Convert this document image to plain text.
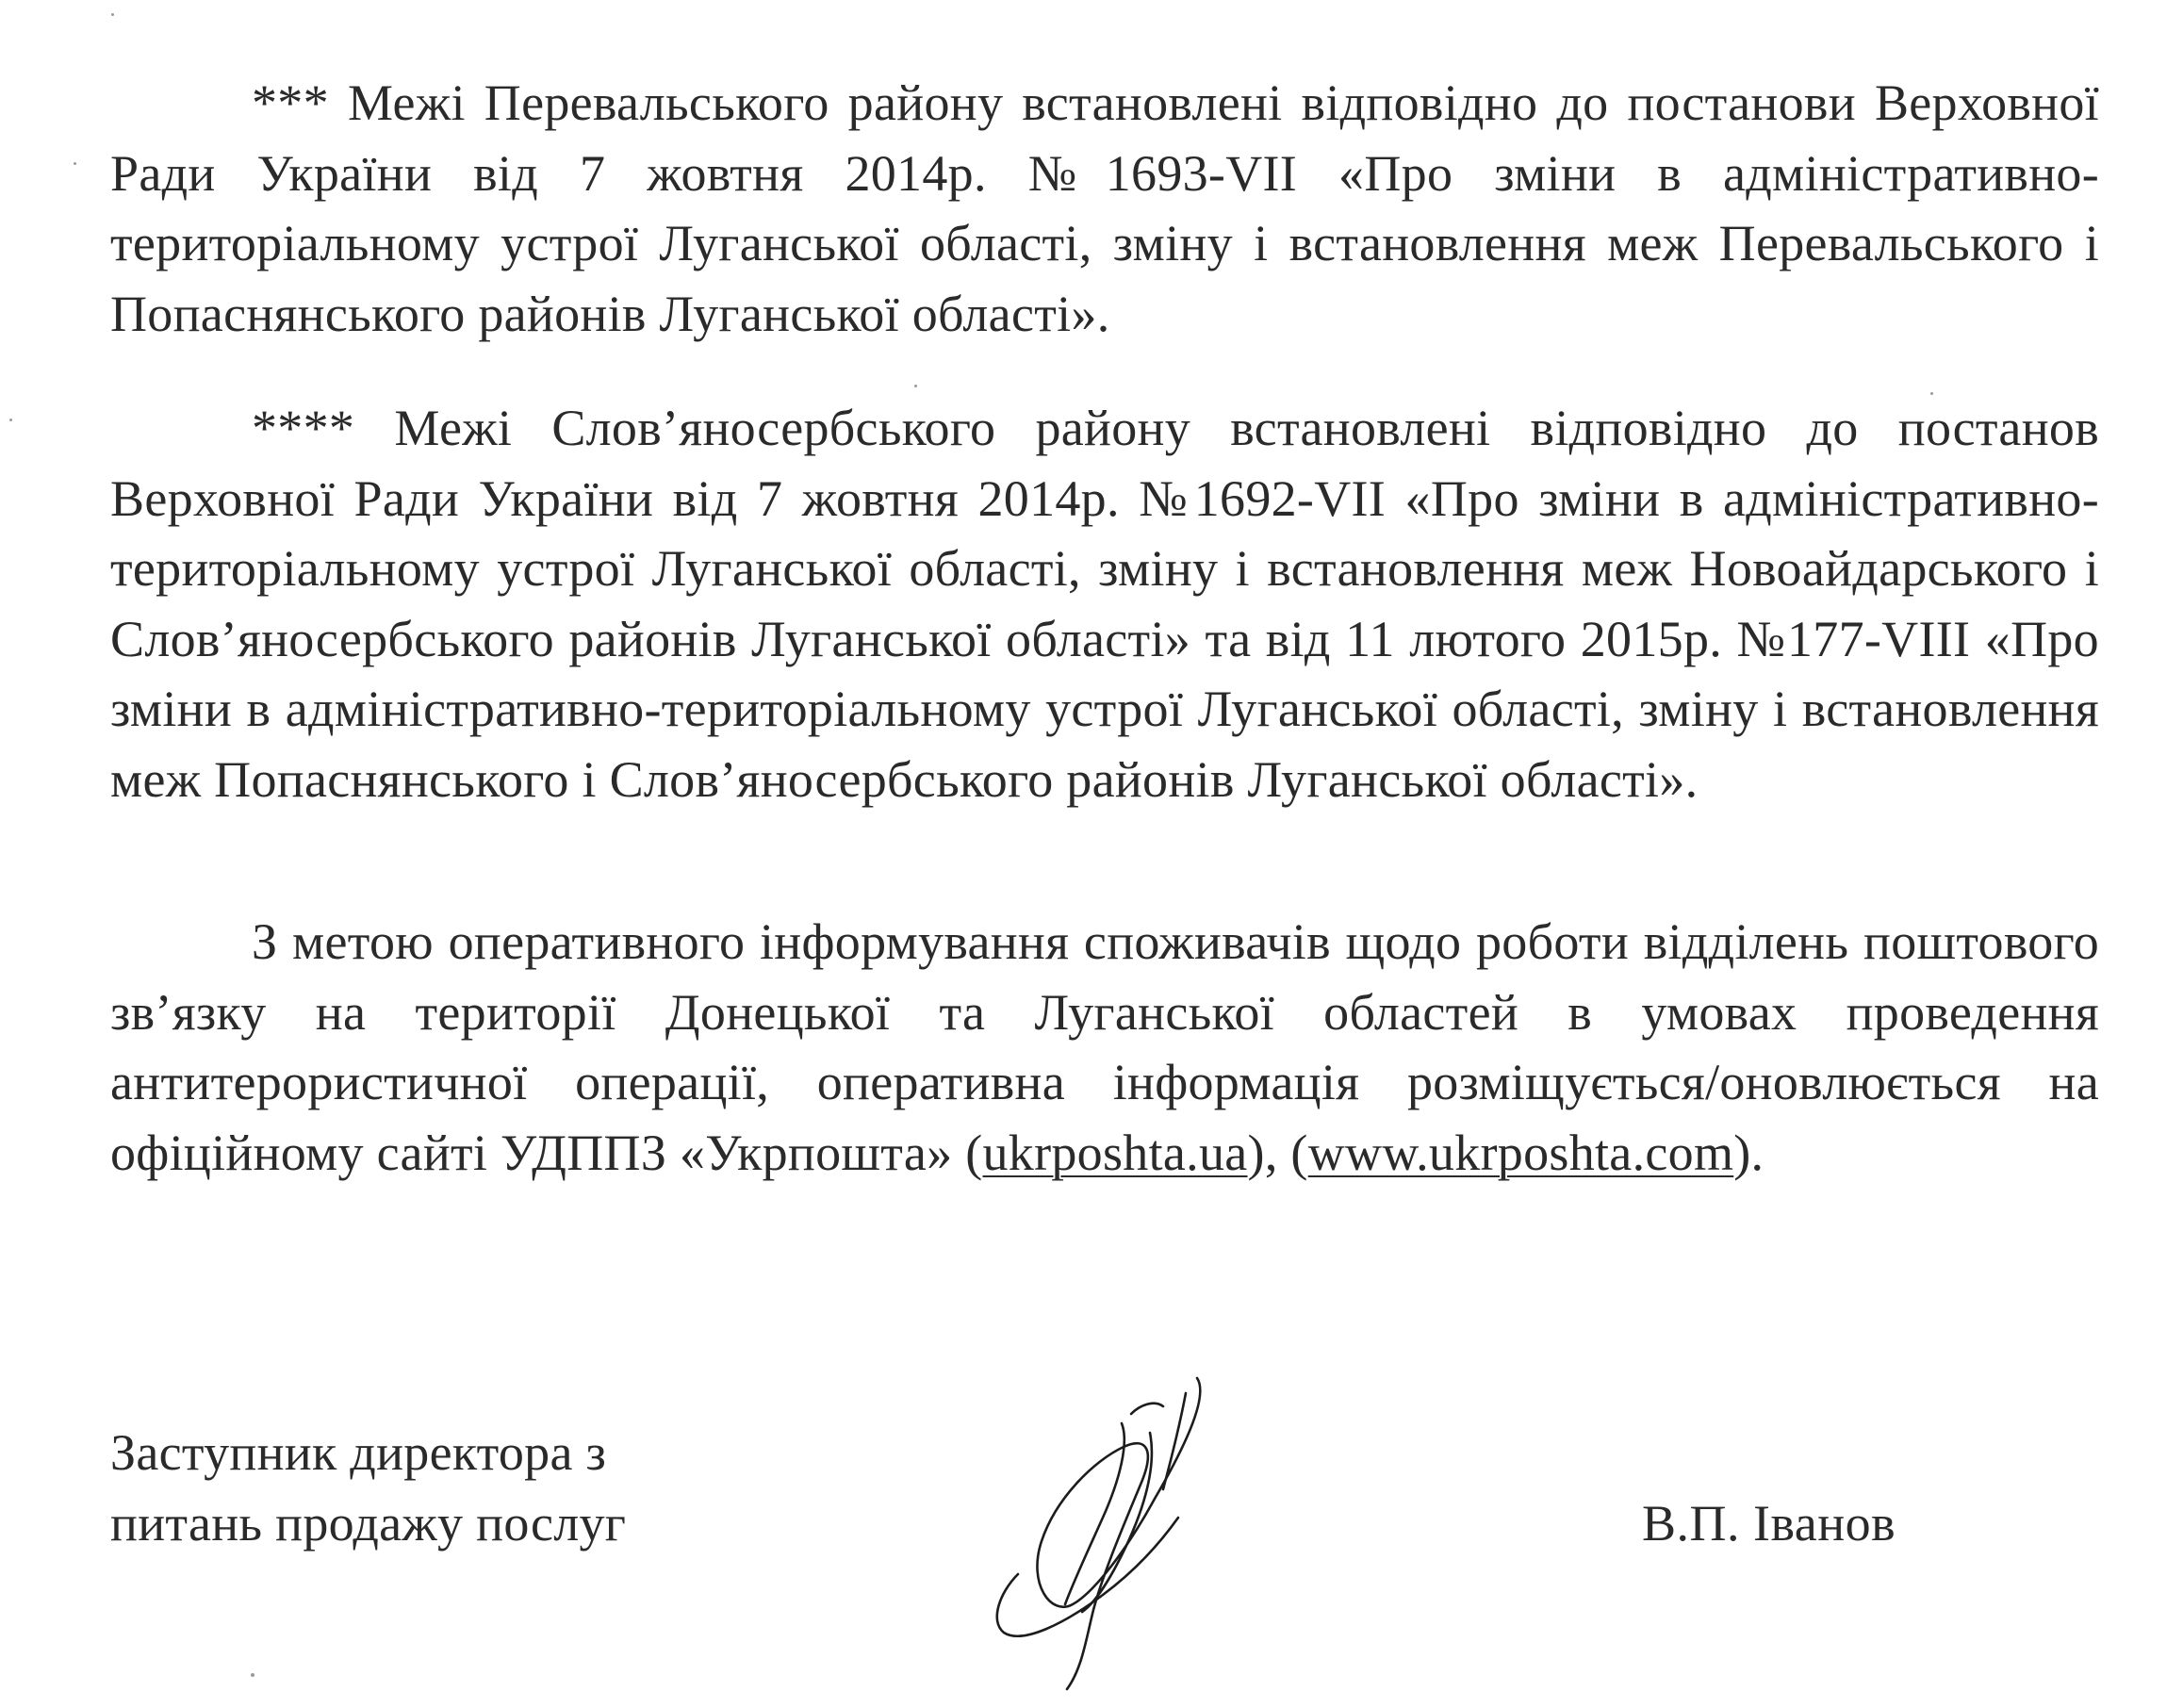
*** Межі Перевальського району встановлені відповідно до постанови Верховної Ради України від 7 жовтня 2014р. №1693-VII «Про зміни в адміністративно-територіальному устрої Луганської області, зміну і встановлення меж Перевальського і Попаснянського районів Луганської області».

**** Межі Слов’яносербського району встановлені відповідно до постанов Верховної Ради України від 7 жовтня 2014р. №1692-VII «Про зміни в адміністративно-територіальному устрої Луганської області, зміну і встановлення меж Новоайдарського і Слов’яносербського районів Луганської області» та від 11 лютого 2015р. №177-VIII «Про зміни в адміністративно-територіальному устрої Луганської області, зміну і встановлення меж Попаснянського і Слов’яносербського районів Луганської області».

З метою оперативного інформування споживачів щодо роботи відділень поштового зв’язку на території Донецької та Луганської областей в умовах проведення антитерористичної операції, оперативна інформація розміщується/оновлюється на офіційному сайті УДППЗ «Укрпошта» (ukrposhta.ua), (www.ukrposhta.com).

Заступник директора з
питань продажу послуг	В.П. Іванов
